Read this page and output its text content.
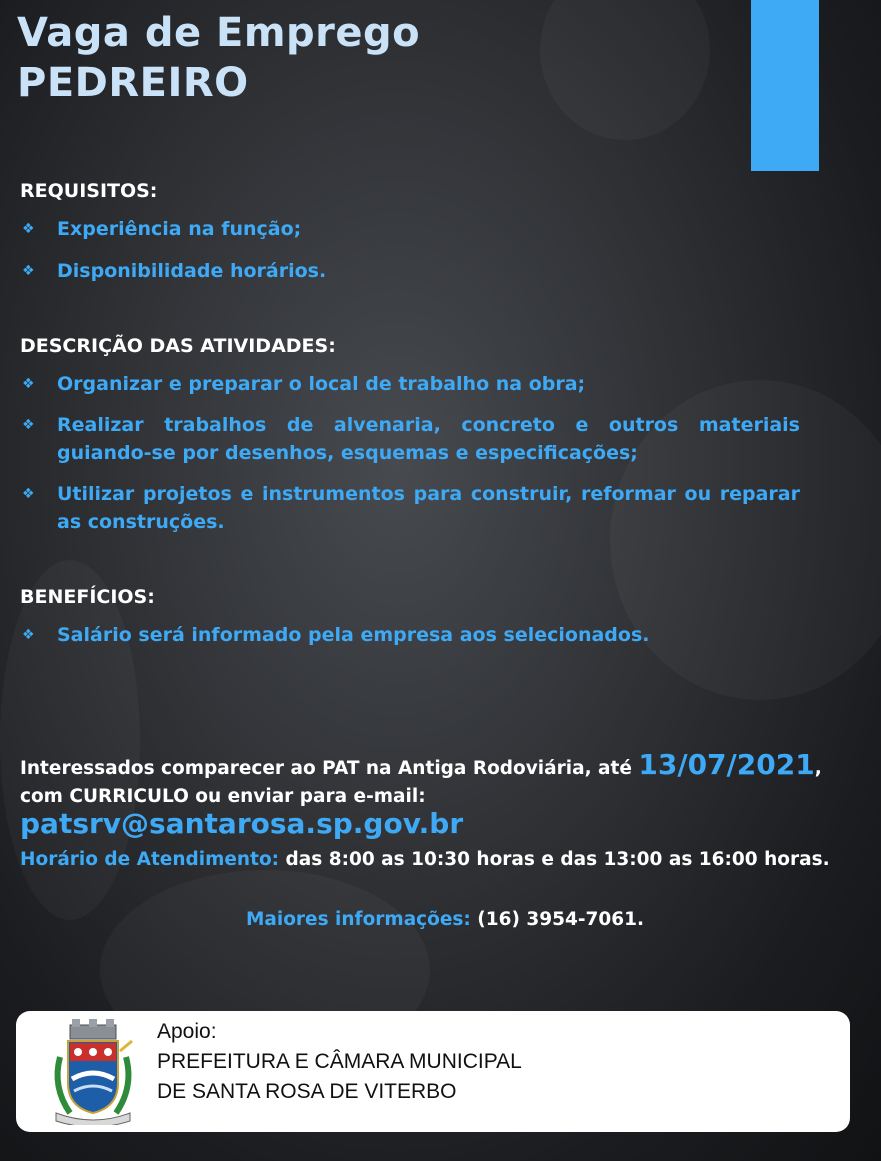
Vaga de Emprego
PEDREIRO

REQUISITOS:

❖ Experiência na função;
❖ Disponibilidade horários.

DESCRIÇÃO DAS ATIVIDADES:

❖ Organizar e preparar o local de trabalho na obra;
❖ Realizar trabalhos de alvenaria, concreto e outros materiais guiando-se por desenhos, esquemas e especificações;
❖ Utilizar projetos e instrumentos para construir, reformar ou reparar as construções.

BENEFÍCIOS:

❖ Salário será informado pela empresa aos selecionados.
Interessados comparecer ao PAT na Antiga Rodoviária, até 13/07/2021,
com CURRICULO ou enviar para e-mail: patsrv@santarosa.sp.gov.br
Horário de Atendimento: das 8:00 as 10:30 horas e das 13:00 as 16:00 horas.
Maiores informações: (16) 3954-7061.
Apoio:
PREFEITURA E CÂMARA MUNICIPAL
DE SANTA ROSA DE VITERBO
